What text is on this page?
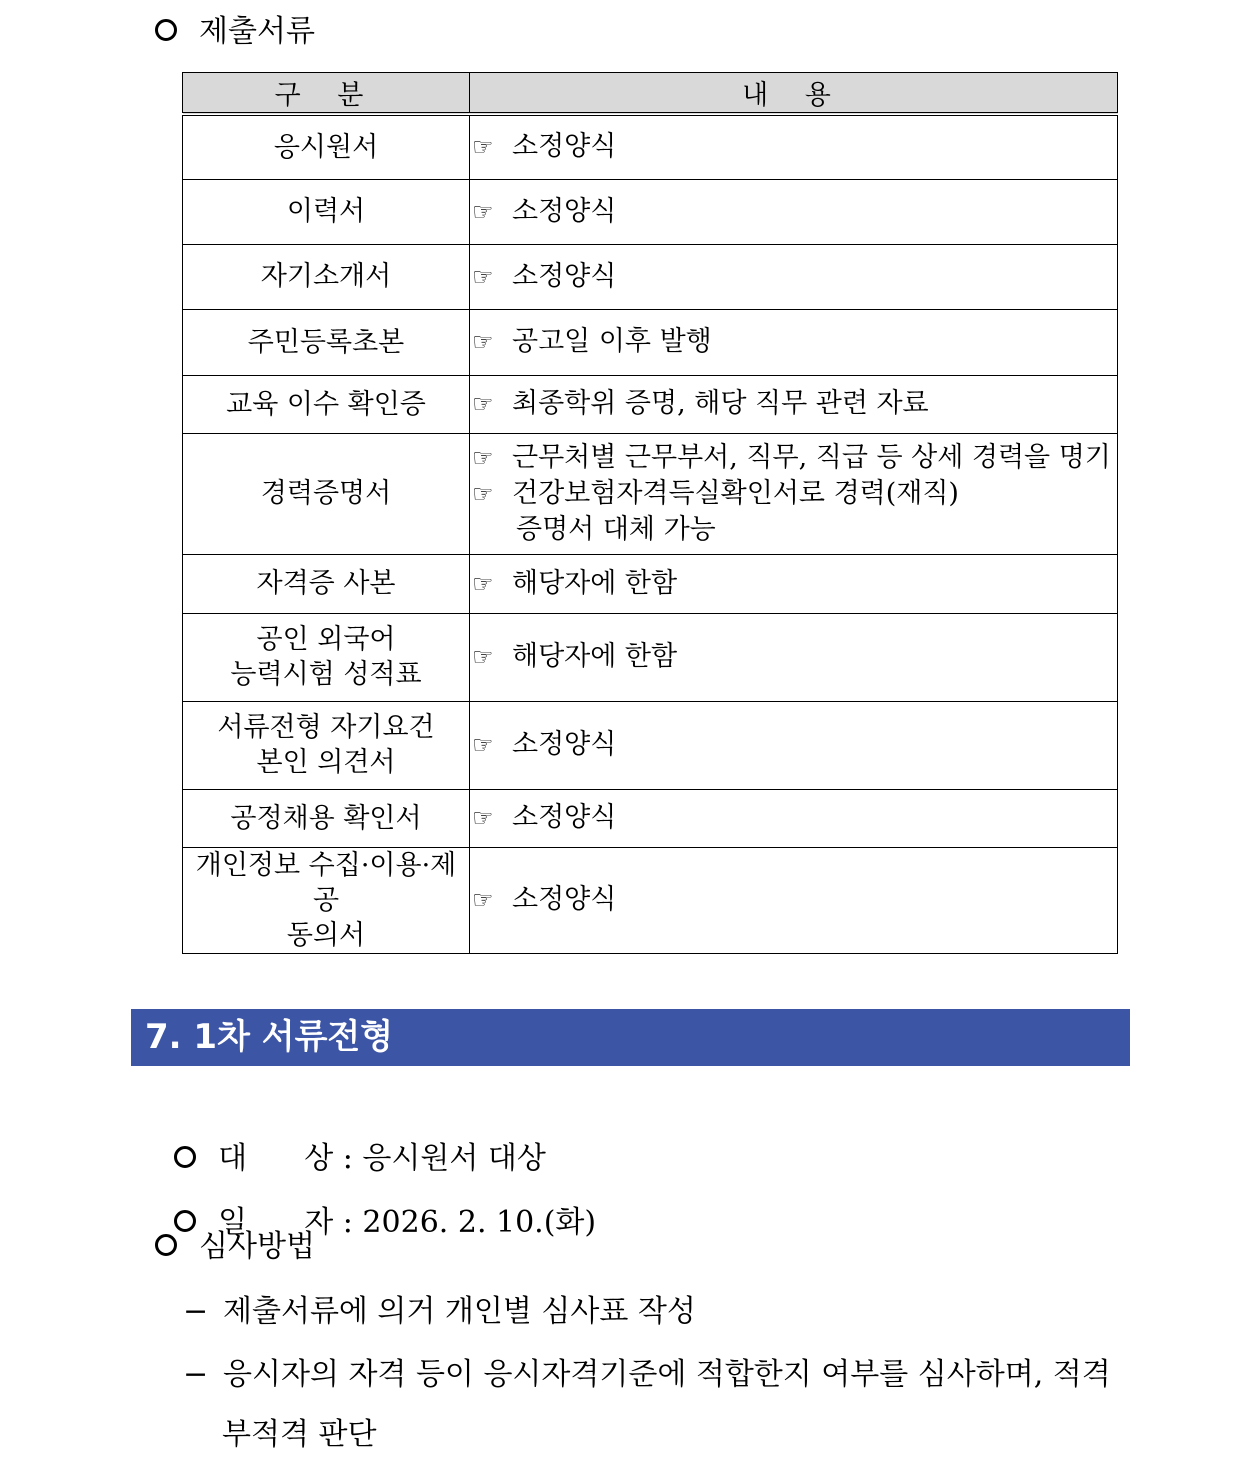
제출서류
구 분	내 용

응시원서	☞ 소정양식

이력서	☞ 소정양식

자기소개서	☞ 소정양식

주민등록초본	☞ 공고일 이후 발행

교육 이수 확인증	☞ 최종학위 증명, 해당 직무 관련 자료

경력증명서	☞ 근무처별 근무부서, 직무, 직급 등 상세 경력을 명기
☞ 건강보험자격득실확인서로 경력(재직)
증명서 대체 가능

자격증 사본	☞ 해당자에 한함

공인 외국어
능력시험 성적표	☞ 해당자에 한함

서류전형 자기요건
본인 의견서	☞ 소정양식

공정채용 확인서	☞ 소정양식

개인정보 수집·이용·제공
동의서	☞ 소정양식
7. 1차 서류전형

대      상 : 응시원서 대상

일      자 : 2026. 2. 10.(화)

심사방법
− 제출서류에 의거 개인별 심사표 작성
− 응시자의 자격 등이 응시자격기준에 적합한지 여부를 심사하며, 적격
부적격 판단
